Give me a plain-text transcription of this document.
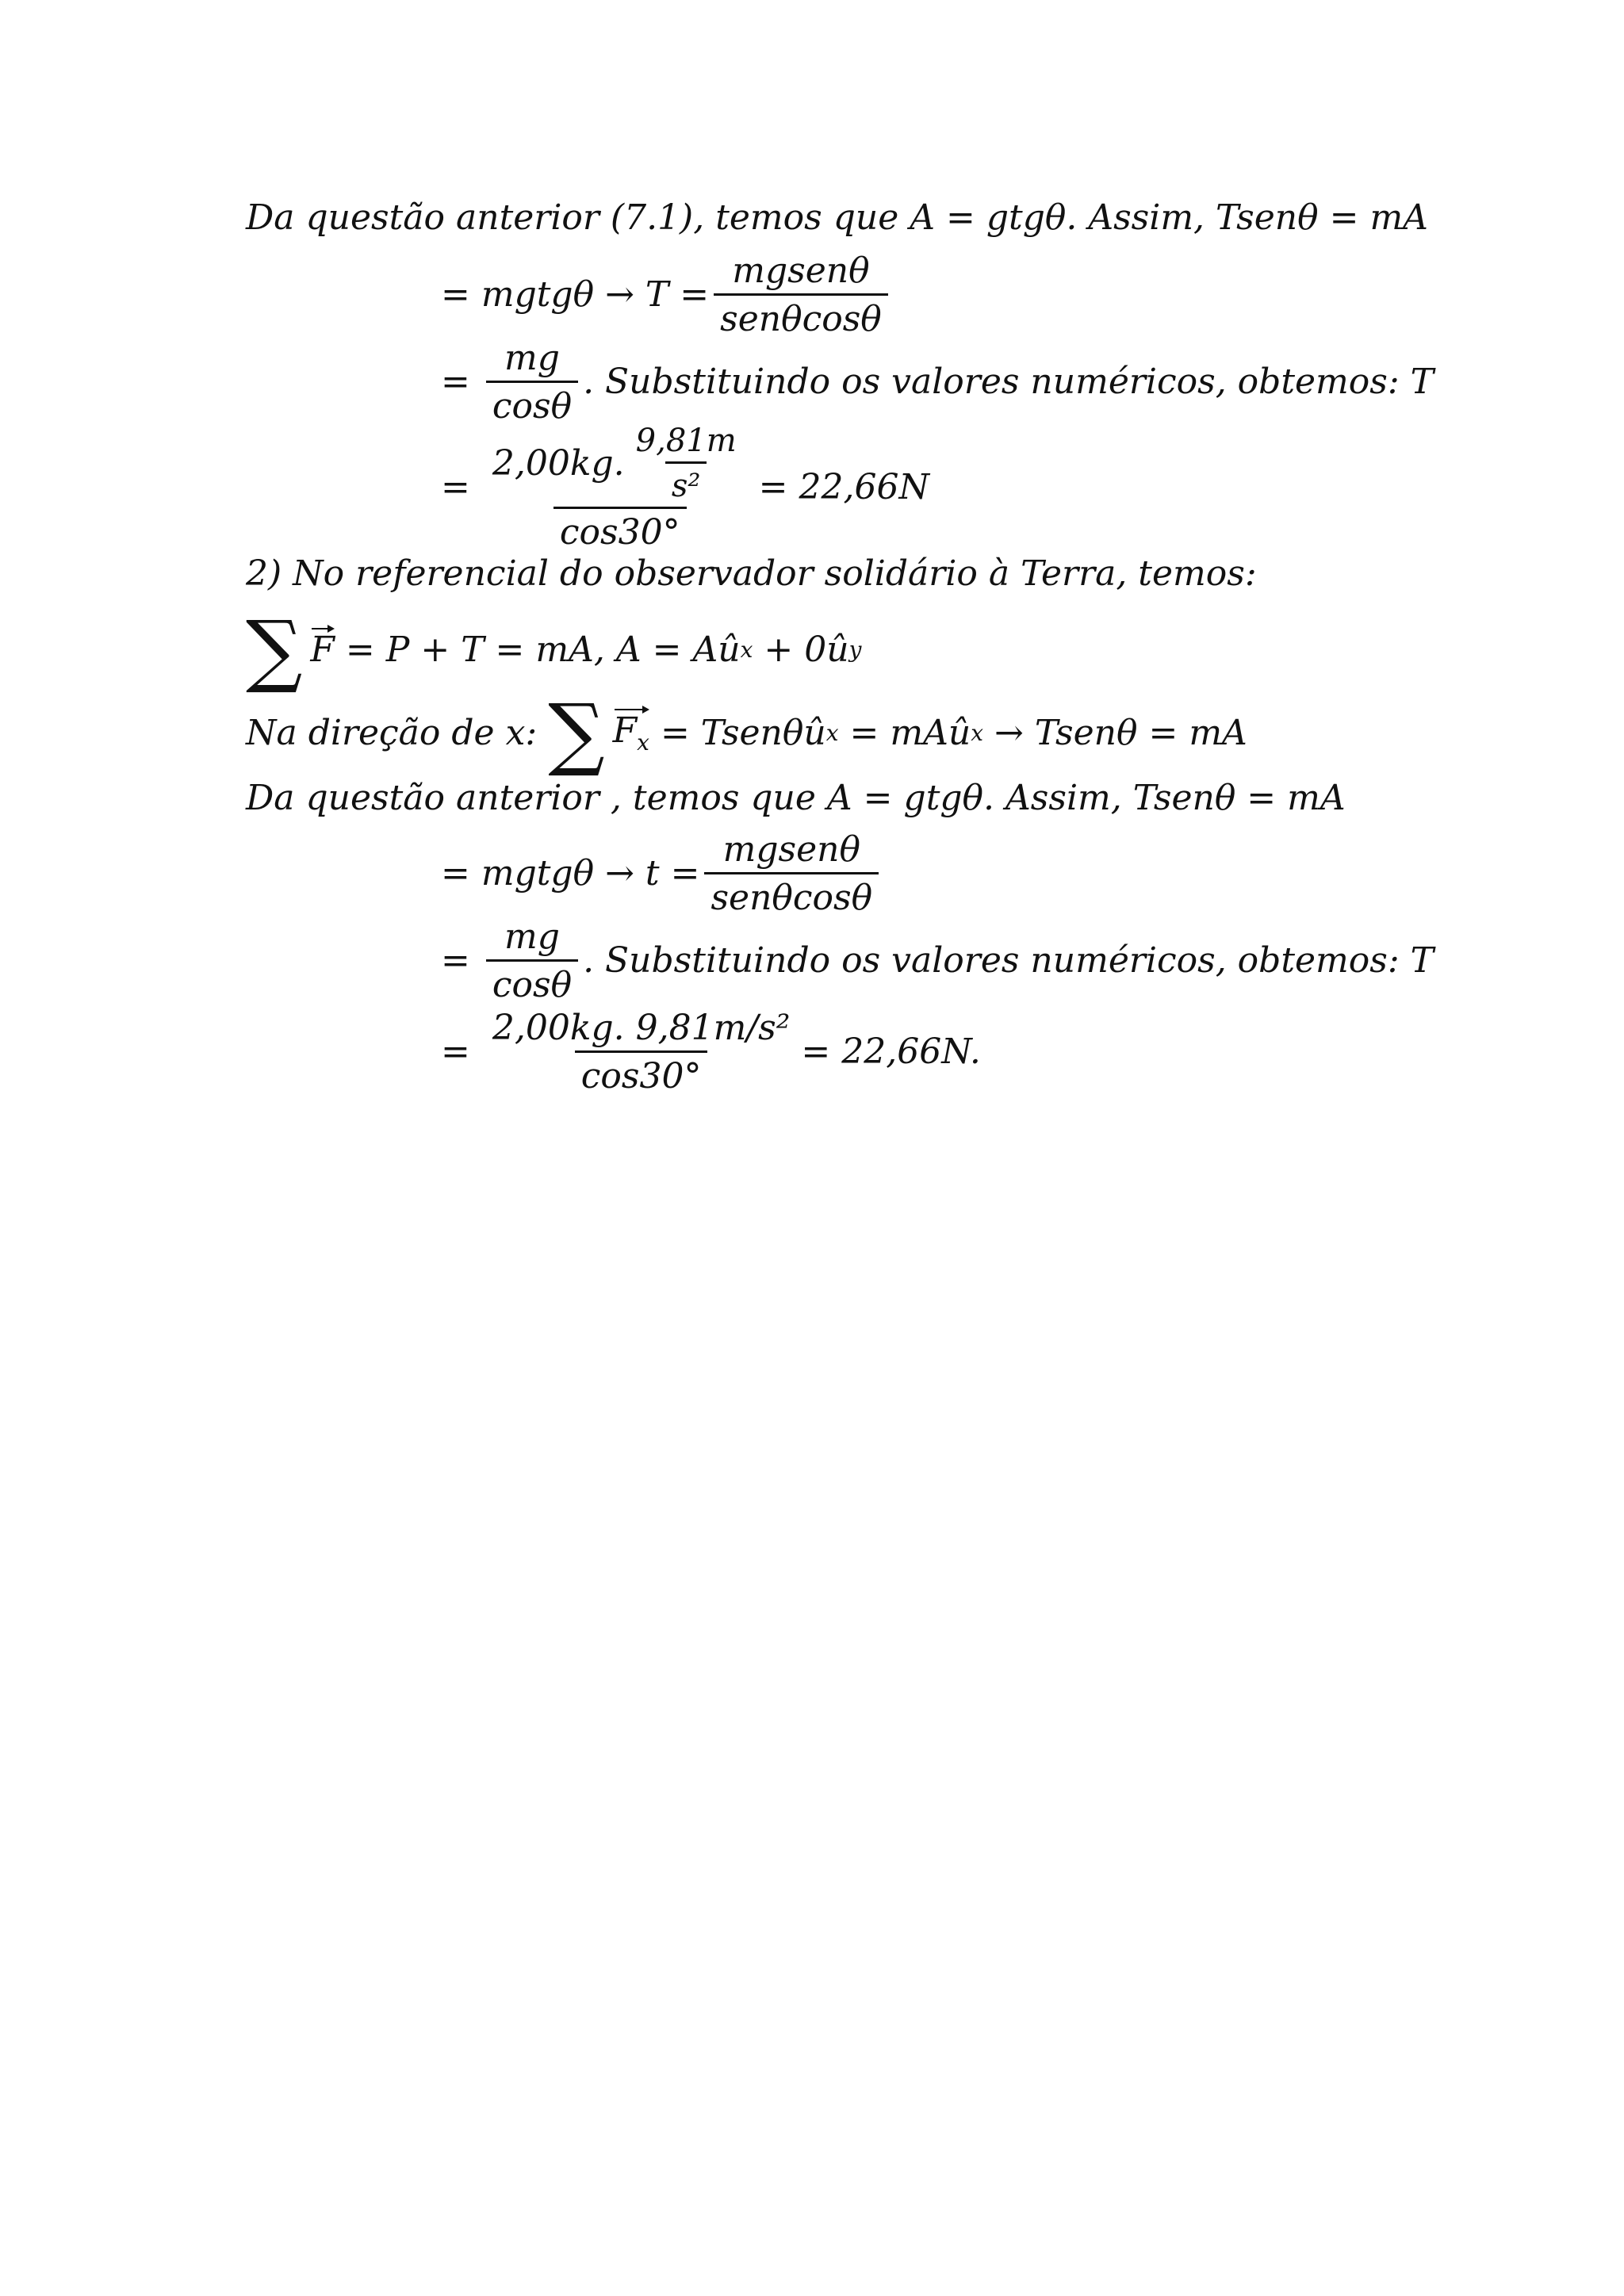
Da questão anterior (7.1), temos que A = gtgθ. Assim, Tsenθ = mA
= mgtgθ → $T = \frac{\text{mgsenθ}}{\text{senθcosθ}}$
= $\frac{mg}{\cos\theta}$ . Substituindo os valores numéricos, obtemos: T
= $\frac{2,00kg. \frac{9,81m}{\text{s²}}}{\cos 30^\circ} = 22,66N$
2) No referencial do observador solidário à Terra, temos:
∑ F = P + T = mA, A = Aû x + 0û y
Na direção de x: ∑ $F_x$ = Tsenθû x = mAû x → Tsenθ = mA
Da questão anterior , temos que A = gtgθ. Assim, Tsenθ = mA
= mgtgθ → $t = \frac{\text{mgsenθ}}{\text{senθcosθ}}$
= $\frac{mg}{\cos\theta}$ . Substituindo os valores numéricos, obtemos: T
= $\frac{\text{2,00kg. 9,81m/s²}}{\cos 30^\circ} = 22,66N$.
